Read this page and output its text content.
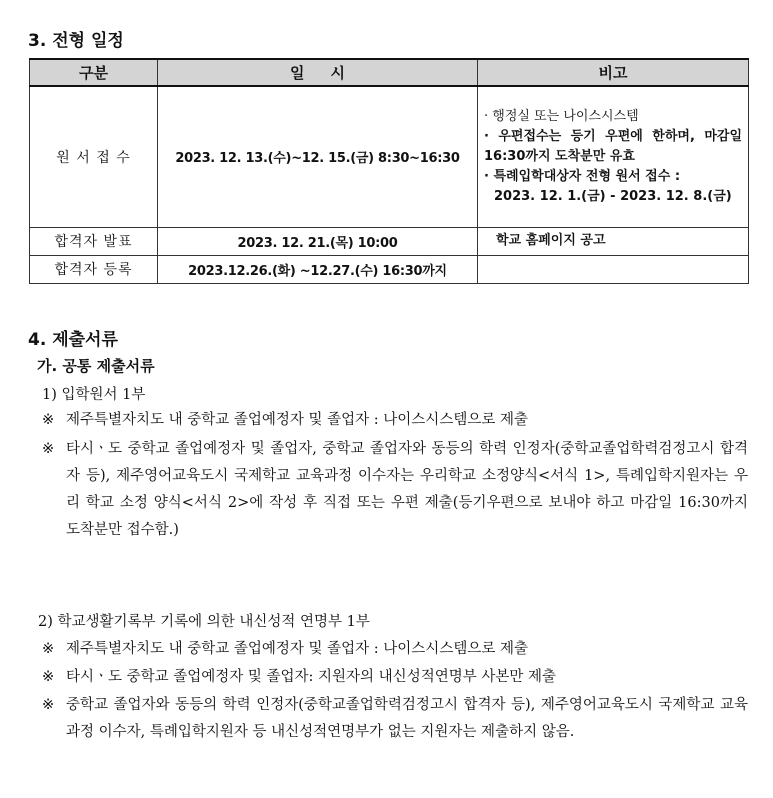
3. 전형 일정
구분	일     시	비고
원 서 접 수	2023. 12. 13.(수)~12. 15.(금) 8:30~16:30	· 행정실 또는 나이스시스템
· 우편접수는 등기 우편에 한하며, 마감일 16:30까지 도착분만 유효
· 특례입학대상자 전형 원서 접수 :
2023. 12. 1.(금) - 2023. 12. 8.(금)

합격자 발표	2023. 12. 21.(목) 10:00	학교 홈페이지 공고
합격자 등록	2023.12.26.(화) ~12.27.(수) 16:30까지	
4. 제출서류
가. 공통 제출서류
1) 입학원서 1부
※ 제주특별자치도 내 중학교 졸업예정자 및 졸업자 : 나이스시스템으로 제출
※ 타시ㆍ도 중학교 졸업예정자 및 졸업자, 중학교 졸업자와 동등의 학력 인정자(중학교졸업학력검정고시 합격자 등), 제주영어교육도시 국제학교 교육과정 이수자는 우리학교 소정양식<서식 1>, 특례입학지원자는 우리 학교 소정 양식<서식 2>에 작성 후 직접 또는 우편 제출(등기우편으로 보내야 하고 마감일 16:30까지 도착분만 접수함.)
2) 학교생활기록부 기록에 의한 내신성적 연명부 1부
※ 제주특별자치도 내 중학교 졸업예정자 및 졸업자 : 나이스시스템으로 제출
※ 타시ㆍ도 중학교 졸업예정자 및 졸업자: 지원자의 내신성적연명부 사본만 제출
※ 중학교 졸업자와 동등의 학력 인정자(중학교졸업학력검정고시 합격자 등), 제주영어교육도시 국제학교 교육과정 이수자, 특례입학지원자 등 내신성적연명부가 없는 지원자는 제출하지 않음.
